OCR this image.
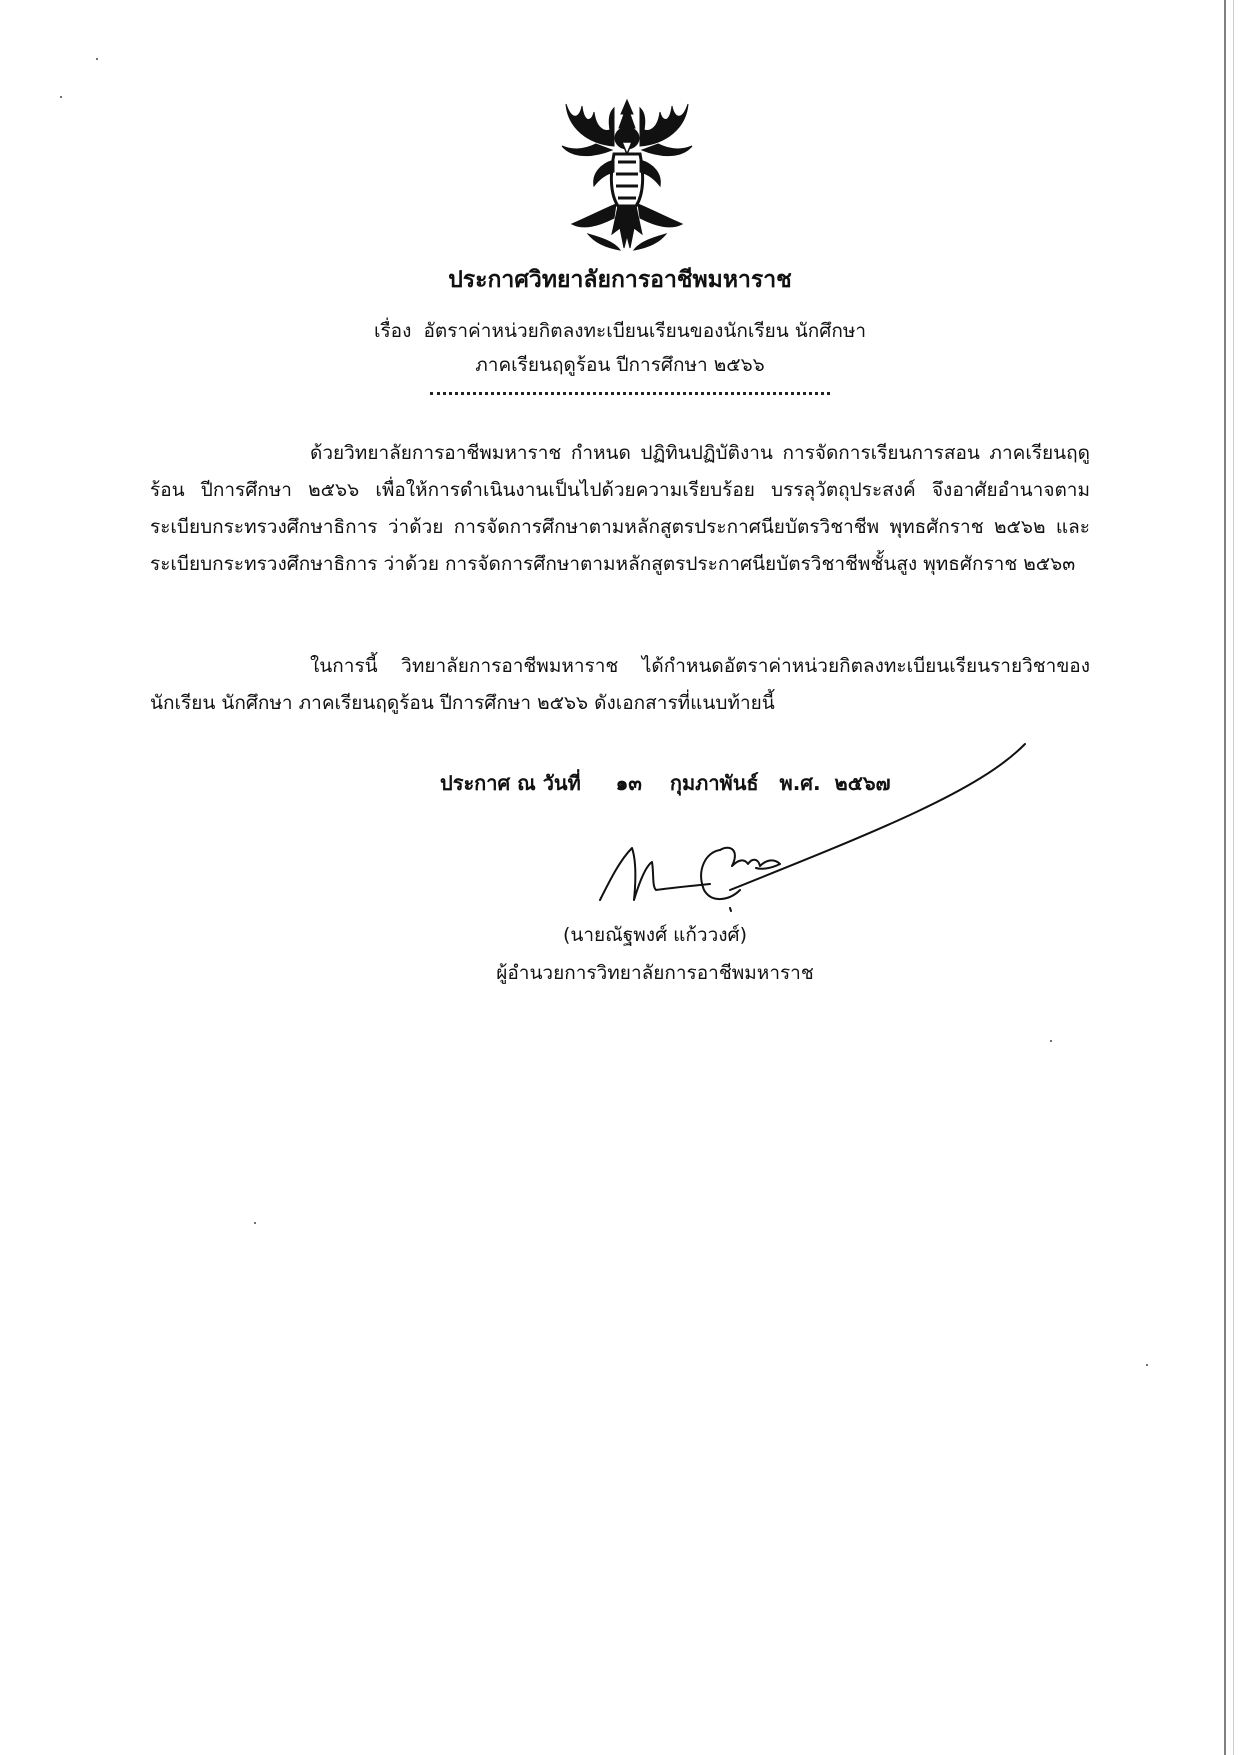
ประกาศวิทยาลัยการอาชีพมหาราช
เรื่อง อัตราค่าหน่วยกิตลงทะเบียนเรียนของนักเรียน นักศึกษา
ภาคเรียนฤดูร้อน ปีการศึกษา ๒๕๖๖
ด้วยวิทยาลัยการอาชีพมหาราช กำหนด ปฏิทินปฏิบัติงาน การจัดการเรียนการสอน ภาคเรียนฤดูร้อน ปีการศึกษา ๒๕๖๖ เพื่อให้การดำเนินงานเป็นไปด้วยความเรียบร้อย บรรลุวัตถุประสงค์ จึงอาศัยอำนาจตาม ระเบียบกระทรวงศึกษาธิการ ว่าด้วย การจัดการศึกษาตามหลักสูตรประกาศนียบัตรวิชาชีพ พุทธศักราช ๒๕๖๒ และระเบียบกระทรวงศึกษาธิการ ว่าด้วย การจัดการศึกษาตามหลักสูตรประกาศนียบัตรวิชาชีพชั้นสูง พุทธศักราช ๒๕๖๓
ในการนี้ วิทยาลัยการอาชีพมหาราช ได้กำหนดอัตราค่าหน่วยกิตลงทะเบียนเรียนรายวิชาของนักเรียน นักศึกษา ภาคเรียนฤดูร้อน ปีการศึกษา ๒๕๖๖ ดังเอกสารที่แนบท้ายนี้
ประกาศ ณ วันที่ ๑๓ กุมภาพันธ์ พ.ศ. ๒๕๖๗
(นายณัฐพงศ์ แก้ววงศ์)
ผู้อำนวยการวิทยาลัยการอาชีพมหาราช
